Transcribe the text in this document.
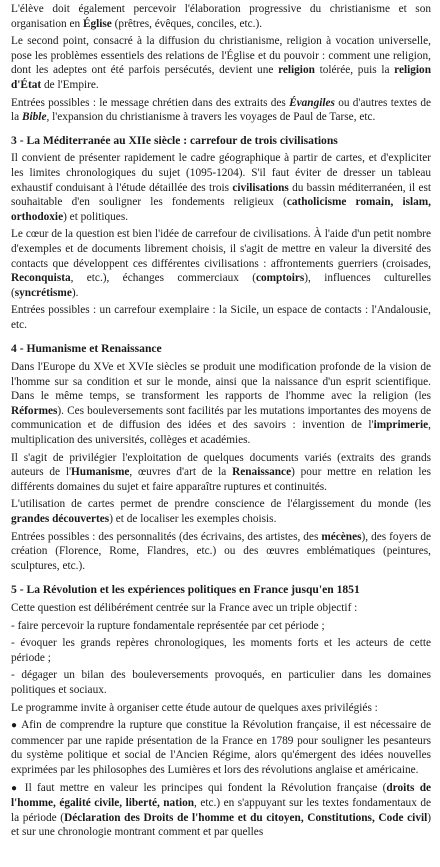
L'élève doit également percevoir l'élaboration progressive du christianisme et son organisation en Église (prêtres, évêques, conciles, etc.).

Le second point, consacré à la diffusion du christianisme, religion à vocation universelle, pose les problèmes essentiels des relations de l'Église et du pouvoir : comment une religion, dont les adeptes ont été parfois persécutés, devient une religion tolérée, puis la religion d'État de l'Empire.

Entrées possibles : le message chrétien dans des extraits des Évangiles ou d'autres textes de la Bible, l'expansion du christianisme à travers les voyages de Paul de Tarse, etc.

3 - La Méditerranée au XIIe siècle : carrefour de trois civilisations

Il convient de présenter rapidement le cadre géographique à partir de cartes, et d'expliciter les limites chronologiques du sujet (1095-1204). S'il faut éviter de dresser un tableau exhaustif conduisant à l'étude détaillée des trois civilisations du bassin méditerranéen, il est souhaitable d'en souligner les fondements religieux (catholicisme romain, islam, orthodoxie) et politiques.

Le cœur de la question est bien l'idée de carrefour de civilisations. À l'aide d'un petit nombre d'exemples et de documents librement choisis, il s'agit de mettre en valeur la diversité des contacts que développent ces différentes civilisations : affrontements guerriers (croisades, Reconquista, etc.), échanges commerciaux (comptoirs), influences culturelles (syncrétisme).

Entrées possibles : un carrefour exemplaire : la Sicile, un espace de contacts : l'Andalousie, etc.

4 - Humanisme et Renaissance

Dans l'Europe du XVe et XVIe siècles se produit une modification profonde de la vision de l'homme sur sa condition et sur le monde, ainsi que la naissance d'un esprit scientifique. Dans le même temps, se transforment les rapports de l'homme avec la religion (les Réformes). Ces bouleversements sont facilités par les mutations importantes des moyens de communication et de diffusion des idées et des savoirs : invention de l'imprimerie, multiplication des universités, collèges et académies.

Il s'agit de privilégier l'exploitation de quelques documents variés (extraits des grands auteurs de l'Humanisme, œuvres d'art de la Renaissance) pour mettre en relation les différents domaines du sujet et faire apparaître ruptures et continuités.

L'utilisation de cartes permet de prendre conscience de l'élargissement du monde (les grandes découvertes) et de localiser les exemples choisis.

Entrées possibles : des personnalités (des écrivains, des artistes, des mécènes), des foyers de création (Florence, Rome, Flandres, etc.) ou des œuvres emblématiques (peintures, sculptures, etc.).

5 - La Révolution et les expériences politiques en France jusqu'en 1851

Cette question est délibérément centrée sur la France avec un triple objectif :

- faire percevoir la rupture fondamentale représentée par cet période ;

- évoquer les grands repères chronologiques, les moments forts et les acteurs de cette période ;

- dégager un bilan des bouleversements provoqués, en particulier dans les domaines politiques et sociaux.

Le programme invite à organiser cette étude autour de quelques axes privilégiés :

● Afin de comprendre la rupture que constitue la Révolution française, il est nécessaire de commencer par une rapide présentation de la France en 1789 pour souligner les pesanteurs du système politique et social de l'Ancien Régime, alors qu'émergent des idées nouvelles exprimées par les philosophes des Lumières et lors des révolutions anglaise et américaine.

● Il faut mettre en valeur les principes qui fondent la Révolution française (droits de l'homme, égalité civile, liberté, nation, etc.) en s'appuyant sur les textes fondamentaux de la période (Déclaration des Droits de l'homme et du citoyen, Constitutions, Code civil) et sur une chronologie montrant comment et par quelles
